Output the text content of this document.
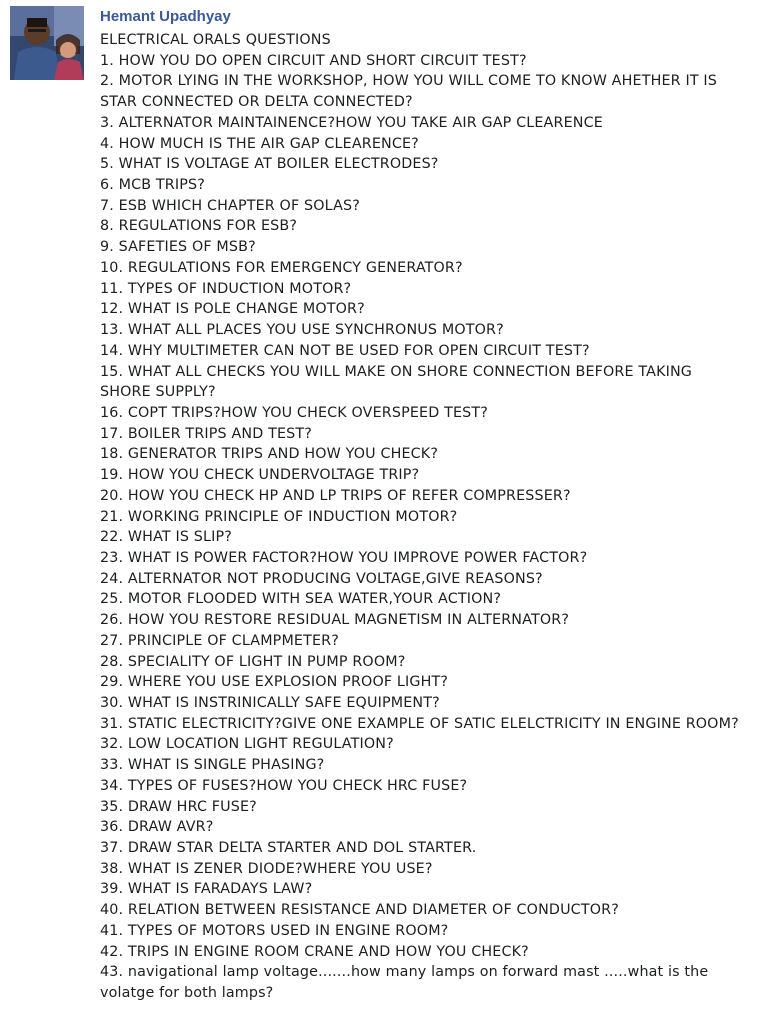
Hemant Upadhyay
ELECTRICAL ORALS QUESTIONS
1. HOW YOU DO OPEN CIRCUIT AND SHORT CIRCUIT TEST?
2. MOTOR LYING IN THE WORKSHOP, HOW YOU WILL COME TO KNOW AHETHER IT IS STAR CONNECTED OR DELTA CONNECTED?
3. ALTERNATOR MAINTAINENCE?HOW YOU TAKE AIR GAP CLEARENCE
4. HOW MUCH IS THE AIR GAP CLEARENCE?
5. WHAT IS VOLTAGE AT BOILER ELECTRODES?
6. MCB TRIPS?
7. ESB WHICH CHAPTER OF SOLAS?
8. REGULATIONS FOR ESB?
9. SAFETIES OF MSB?
10. REGULATIONS FOR EMERGENCY GENERATOR?
11. TYPES OF INDUCTION MOTOR?
12. WHAT IS POLE CHANGE MOTOR?
13. WHAT ALL PLACES YOU USE SYNCHRONUS MOTOR?
14. WHY MULTIMETER CAN NOT BE USED FOR OPEN CIRCUIT TEST?
15. WHAT ALL CHECKS YOU WILL MAKE ON SHORE CONNECTION BEFORE TAKING SHORE SUPPLY?
16. COPT TRIPS?HOW YOU CHECK OVERSPEED TEST?
17. BOILER TRIPS AND TEST?
18. GENERATOR TRIPS AND HOW YOU CHECK?
19. HOW YOU CHECK UNDERVOLTAGE TRIP?
20. HOW YOU CHECK HP AND LP TRIPS OF REFER COMPRESSER?
21. WORKING PRINCIPLE OF INDUCTION MOTOR?
22. WHAT IS SLIP?
23. WHAT IS POWER FACTOR?HOW YOU IMPROVE POWER FACTOR?
24. ALTERNATOR NOT PRODUCING VOLTAGE,GIVE REASONS?
25. MOTOR FLOODED WITH SEA WATER,YOUR ACTION?
26. HOW YOU RESTORE RESIDUAL MAGNETISM IN ALTERNATOR?
27. PRINCIPLE OF CLAMPMETER?
28. SPECIALITY OF LIGHT IN PUMP ROOM?
29. WHERE YOU USE EXPLOSION PROOF LIGHT?
30. WHAT IS INSTRINICALLY SAFE EQUIPMENT?
31. STATIC ELECTRICITY?GIVE ONE EXAMPLE OF SATIC ELELCTRICITY IN ENGINE ROOM?
32. LOW LOCATION LIGHT REGULATION?
33. WHAT IS SINGLE PHASING?
34. TYPES OF FUSES?HOW YOU CHECK HRC FUSE?
35. DRAW HRC FUSE?
36. DRAW AVR?
37. DRAW STAR DELTA STARTER AND DOL STARTER.
38. WHAT IS ZENER DIODE?WHERE YOU USE?
39. WHAT IS FARADAYS LAW?
40. RELATION BETWEEN RESISTANCE AND DIAMETER OF CONDUCTOR?
41. TYPES OF MOTORS USED IN ENGINE ROOM?
42. TRIPS IN ENGINE ROOM CRANE AND HOW YOU CHECK?
43. navigational lamp voltage.......how many lamps on forward mast .....what is the volatge for both lamps?
